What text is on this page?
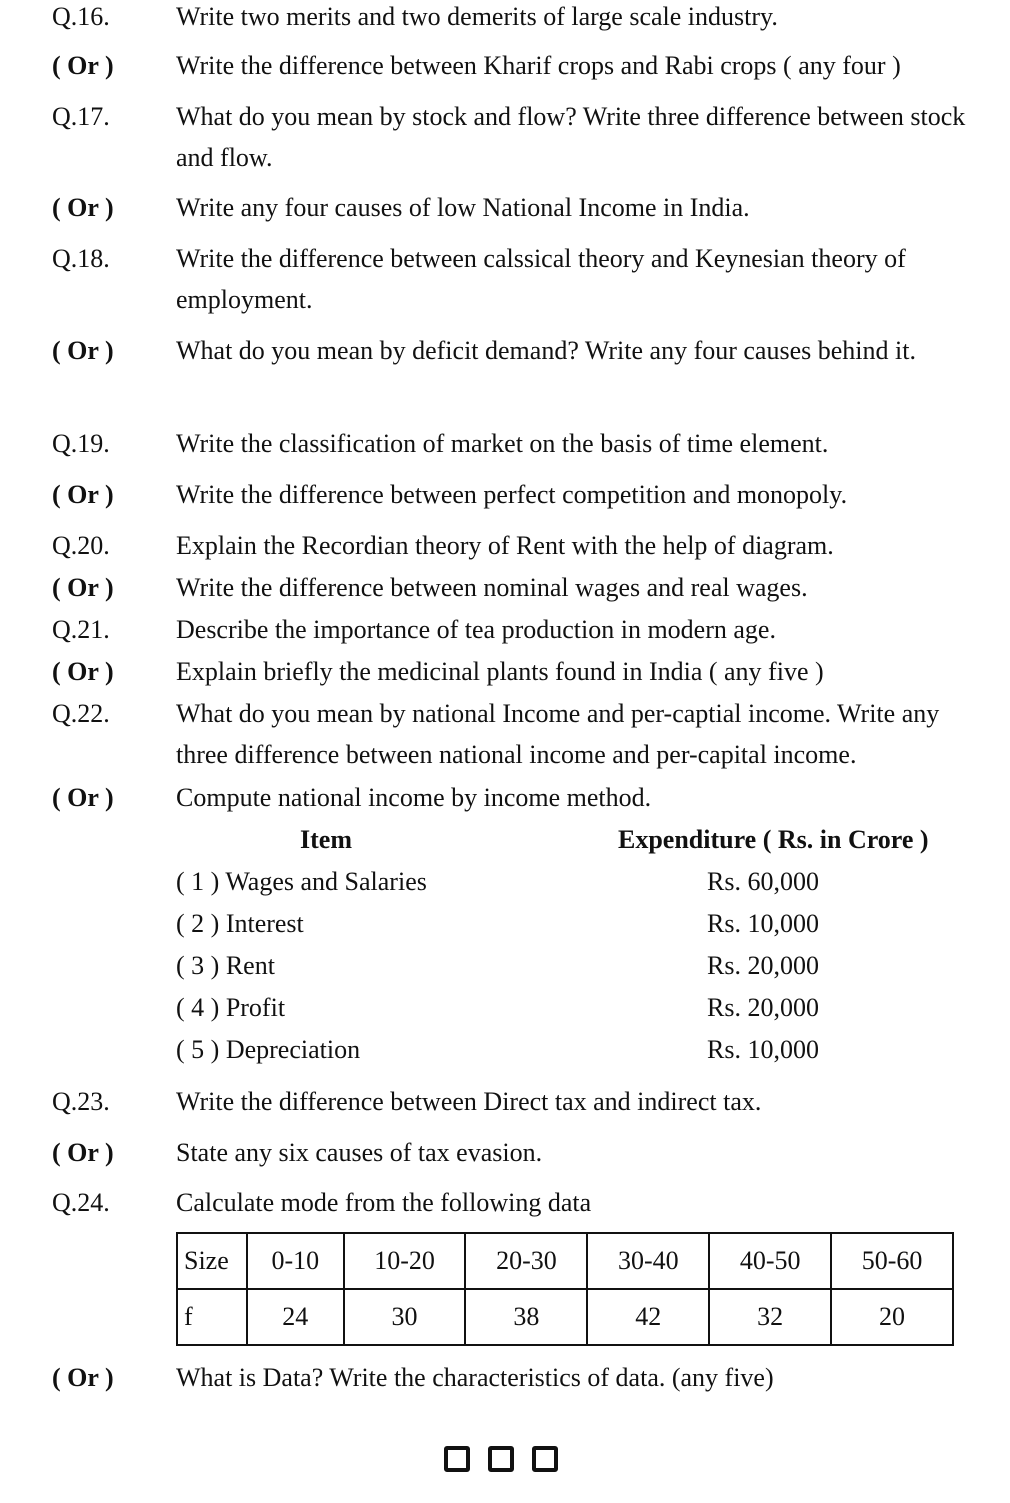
Q.16.	Write two merits and two demerits of large scale industry.
( Or )	Write the difference between Kharif crops and Rabi crops ( any four )
Q.17.	What do you mean by stock and flow? Write three difference between stock and flow.
( Or )	Write any four causes of low National Income in India.
Q.18.	Write the difference between calssical theory and Keynesian theory of employment.
( Or )	What do you mean by deficit demand? Write any four causes behind it.
Q.19.	Write the classification of market on the basis of time element.
( Or )	Write the difference between perfect competition and monopoly.
Q.20.	Explain the Recordian theory of Rent with the help of diagram.
( Or )	Write the difference between nominal wages and real wages.
Q.21.	Describe the importance of tea production in modern age.
( Or )	Explain briefly the medicinal plants found in India ( any five )
Q.22.	What do you mean by national Income and per-captial income. Write any three difference between national income and per-capital income.
( Or )	Compute national income by income method.
Item	Expenditure ( Rs. in Crore )
( 1 ) Wages and Salaries	Rs. 60,000
( 2 ) Interest	Rs. 10,000
( 3 ) Rent	Rs. 20,000
( 4 ) Profit	Rs. 20,000
( 5 ) Depreciation	Rs. 10,000
Q.23.	Write the difference between Direct tax and indirect tax.
( Or )	State any six causes of tax evasion.
Q.24.	Calculate mode from the following data
Size	0-10	10-20	20-30	30-40	40-50	50-60
f	24	30	38	42	32	20
( Or )	What is Data? Write the characteristics of data. (any five)
